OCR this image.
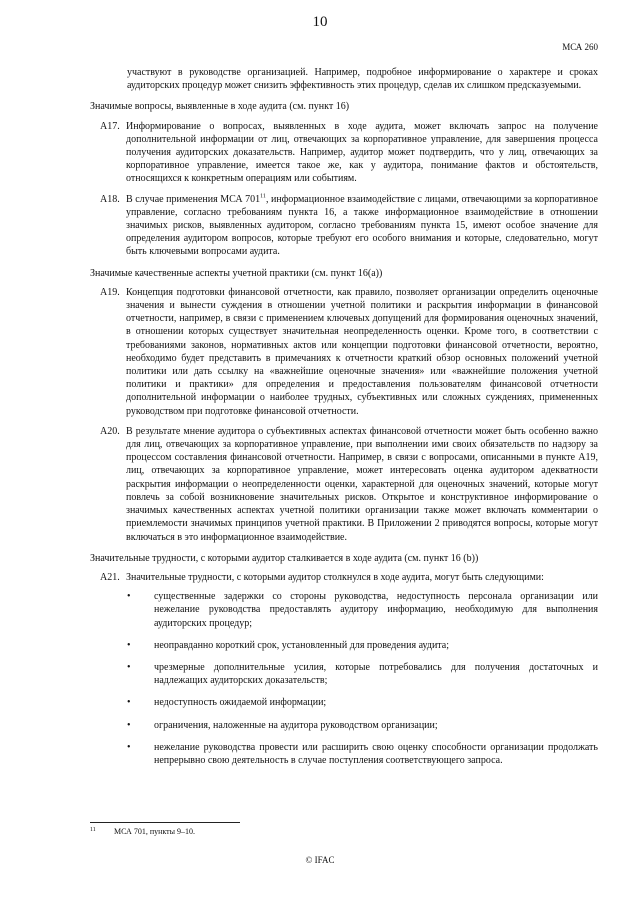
10
МСА 260

участвуют в руководстве организацией. Например, подробное информирование о характере и сроках аудиторских процедур может снизить эффективность этих процедур, сделав их слишком предсказуемыми.

Значимые вопросы, выявленные в ходе аудита (см. пункт 16)

A17. Информирование о вопросах, выявленных в ходе аудита, может включать запрос на получение дополнительной информации от лиц, отвечающих за корпоративное управление, для завершения процесса получения аудиторских доказательств. Например, аудитор может подтвердить, что у лиц, отвечающих за корпоративное управление, имеется такое же, как у аудитора, понимание фактов и обстоятельств, относящихся к конкретным операциям или событиям.
A18. В случае применения МСА $701^{11}$, информационное взаимодействие с лицами, отвечающими за корпоративное управление, согласно требованиям пункта 16, а также информационное взаимодействие в отношении значимых рисков, выявленных аудитором, согласно требованиям пункта 15, имеют особое значение для определения аудитором вопросов, которые требуют его особого внимания и которые, следовательно, могут быть ключевыми вопросами аудита.

Значимые качественные аспекты учетной практики (см. пункт 16(a))

A19. Концепция подготовки финансовой отчетности, как правило, позволяет организации определить оценочные значения и вынести суждения в отношении учетной политики и раскрытия информации в финансовой отчетности, например, в связи с применением ключевых допущений для формирования оценочных значений, в отношении которых существует значительная неопределенность оценки. Кроме того, в соответствии с требованиями законов, нормативных актов или концепции подготовки финансовой отчетности, вероятно, необходимо будет представить в примечаниях к отчетности краткий обзор основных положений учетной политики или дать ссылку на «важнейшие оценочные значения» или «важнейшие положения учетной политики и практики» для определения и предоставления пользователям финансовой отчетности дополнительной информации о наиболее трудных, субъективных или сложных суждениях, примененных руководством при подготовке финансовой отчетности.
A20. В результате мнение аудитора о субъективных аспектах финансовой отчетности может быть особенно важно для лиц, отвечающих за корпоративное управление, при выполнении ими своих обязательств по надзору за процессом составления финансовой отчетности. Например, в связи с вопросами, описанными в пункте A19, лиц, отвечающих за корпоративное управление, может интересовать оценка аудитором адекватности раскрытия информации о неопределенности оценки, характерной для оценочных значений, которые могут повлечь за собой возникновение значительных рисков. Открытое и конструктивное информирование о значимых качественных аспектах учетной политики организации также может включать комментарии о приемлемости значимых принципов учетной практики. В Приложении 2 приводятся вопросы, которые могут включаться в это информационное взаимодействие.

Значительные трудности, с которыми аудитор сталкивается в ходе аудита (см. пункт 16 (b))

A21. Значительные трудности, с которыми аудитор столкнулся в ходе аудита, могут быть следующими:
•	существенные задержки со стороны руководства, недоступность персонала организации или нежелание руководства предоставлять аудитору информацию, необходимую для выполнения аудиторских процедур;
•	неоправданно короткий срок, установленный для проведения аудита;
•	чрезмерные дополнительные усилия, которые потребовались для получения достаточных и надлежащих аудиторских доказательств;
•	недоступность ожидаемой информации;
•	ограничения, наложенные на аудитора руководством организации;
•	нежелание руководства провести или расширить свою оценку способности организации продолжать непрерывно свою деятельность в случае поступления соответствующего запроса.
11	МСА 701, пункты 9–10.
© IFAC
